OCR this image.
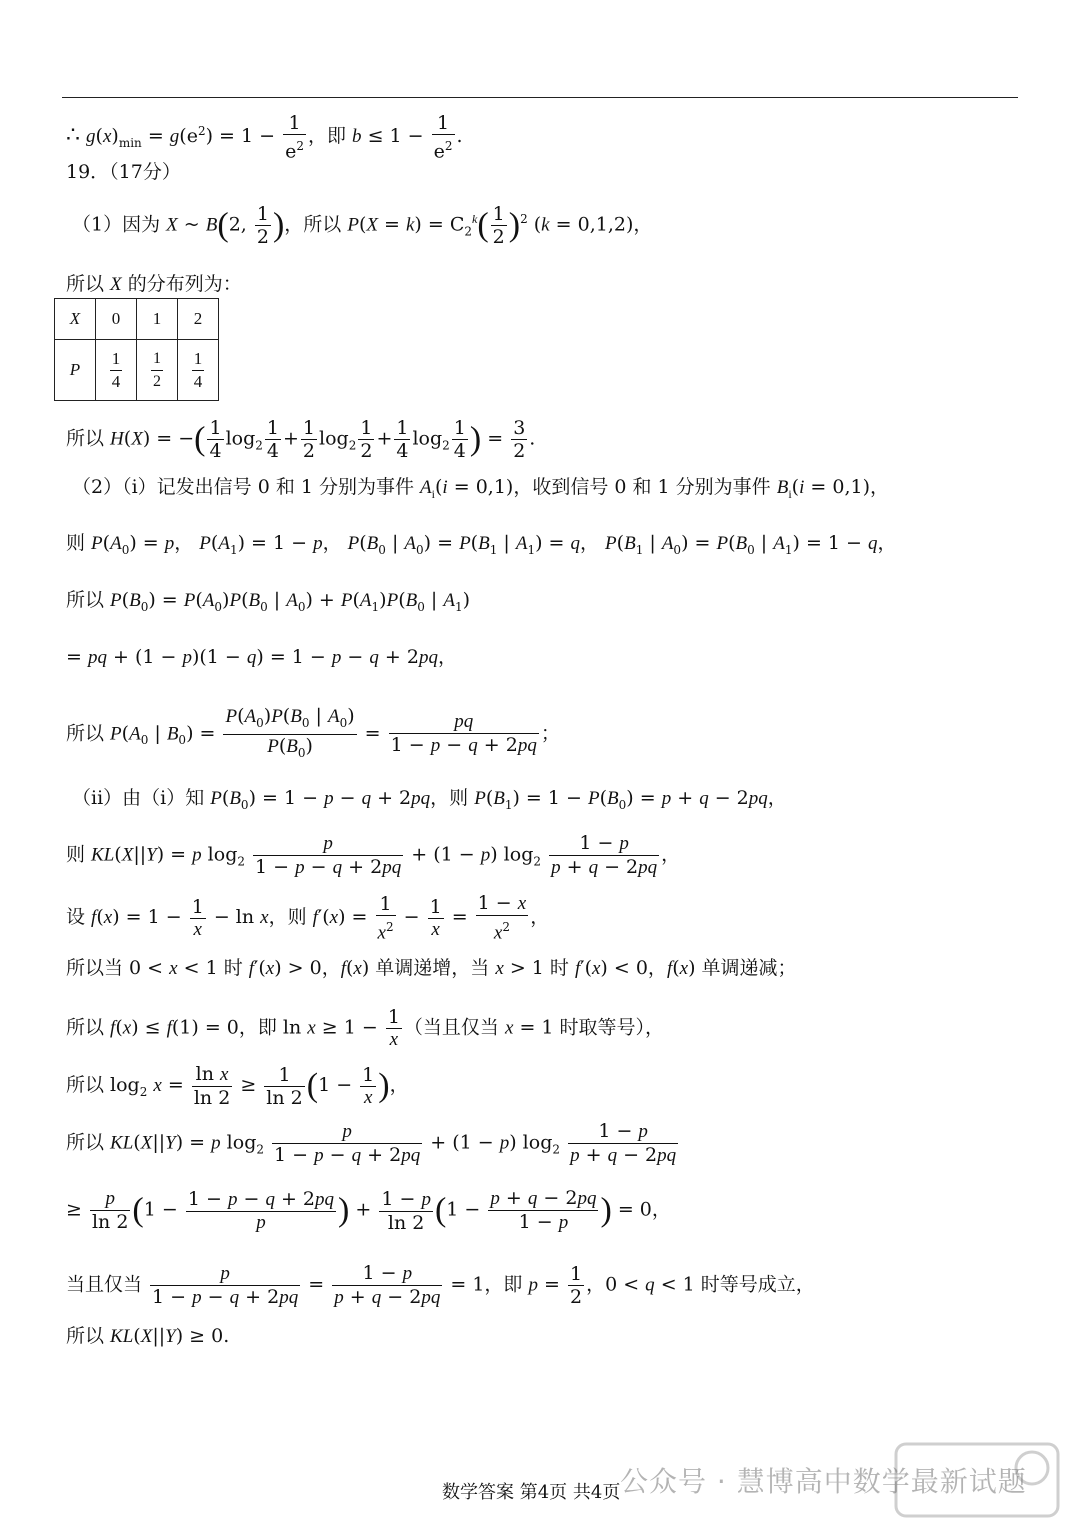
∴ $g(x)_{min} = g(e^2) = 1 - \frac{1}{e^2}$ ，即 $b \le 1 - \frac{1}{e^2}$ .
19．（17分）
（1）因为 X ~ B(2, $\frac{1}{2}$ )，所以 $P(X = k) = C_2^k( \frac{1}{2} )^2$ (k = 0,1,2)，
所以 X 的分布列为：
X	0	1	2
P	$\frac{1}{4}$	$\frac{1}{2}$	$\frac{1}{4}$
所以 H(X) = −( $\frac{1}{4} \log_2 \frac{1}{4} + \frac{1}{2} \log_2 \frac{1}{2} + \frac{1}{4} \log_2 \frac{1}{4}$ ) = $\frac{3}{2}$ .
（2）（i）记发出信号 0 和 1 分别为事件 $A_i(i = 0,1)$，收到信号 0 和 1 分别为事件 $B_i(i = 0,1)$，
则 $P(A_0) = p$， $P(A_1) = 1 - p$， $P(B_0$ | $A_0) = P(B_1$ | $A_1) = q$， $P(B_1$ | $A_0) = P(B_0$ | $A_1) = 1 - q$，
所以 $P(B_0) = P(A_0)P(B_0$ | $A_0) + P(A_1)P(B_0$ | $A_1$)
= pq + (1 − p)(1 − q) = 1 − p − q + 2pq，
所以 $P(A_0$ | $B_0) = \frac{P(A_0)P(B_0 | A_0)}{P(B_0)} = \frac{pq}{1 - p - q + 2pq}$ ；
（ii）由（i）知 $P(B_0) = 1 - p - q + 2pq$，则 $P(B_1) = 1 - P(B_0) = p + q - 2pq$，
则 KL(X||Y) = p $\log_2 \frac{p}{1 - p - q + 2pq} + (1 - p)$ $\log_2 \frac{1 - p}{p + q - 2pq}$ ，
设 $f(x) = 1 - \frac{1}{x} - \ln x$，则 $f'(x) = \frac{1}{x^2} - \frac{1}{x} = \frac{1 - x}{x^2}$ ，
所以当 0 < x < 1 时 f′(x) > 0，f(x) 单调递增，当 x > 1 时 f′(x) < 0，f(x) 单调递减；
所以 f(x) ≤ f(1) = 0，即 $\ln x \ge 1 - \frac{1}{x}$ （当且仅当 x = 1 时取等号），
所以 $\log_2 x = \frac{\text{ln x}}{\ln 2} \ge \frac{1}{\ln 2} (1 - \frac{1}{x}$ )，
所以 KL(X||Y) = p $\log_2 \frac{p}{1 - p - q + 2pq} + (1 - p)$ $\log_2 \frac{1 - p}{p + q - 2pq}$
≥ $\frac{p}{\ln 2} (1 - \frac{1 - p - q + 2pq}{p}$ ) + $\frac{1 - p}{\ln 2} (1 - \frac{p + q - 2pq}{1 - p}$ ) = 0，
当且仅当 $\frac{p}{1 - p - q + 2pq} = \frac{1 - p}{p + q - 2pq} = 1$，即 $p = \frac{1}{2}$ ，0 < q < 1 时等号成立，
所以 KL(X||Y) ≥ 0.
公众号 · 慧博高中数学最新试题
数学答案 第4页 共4页
